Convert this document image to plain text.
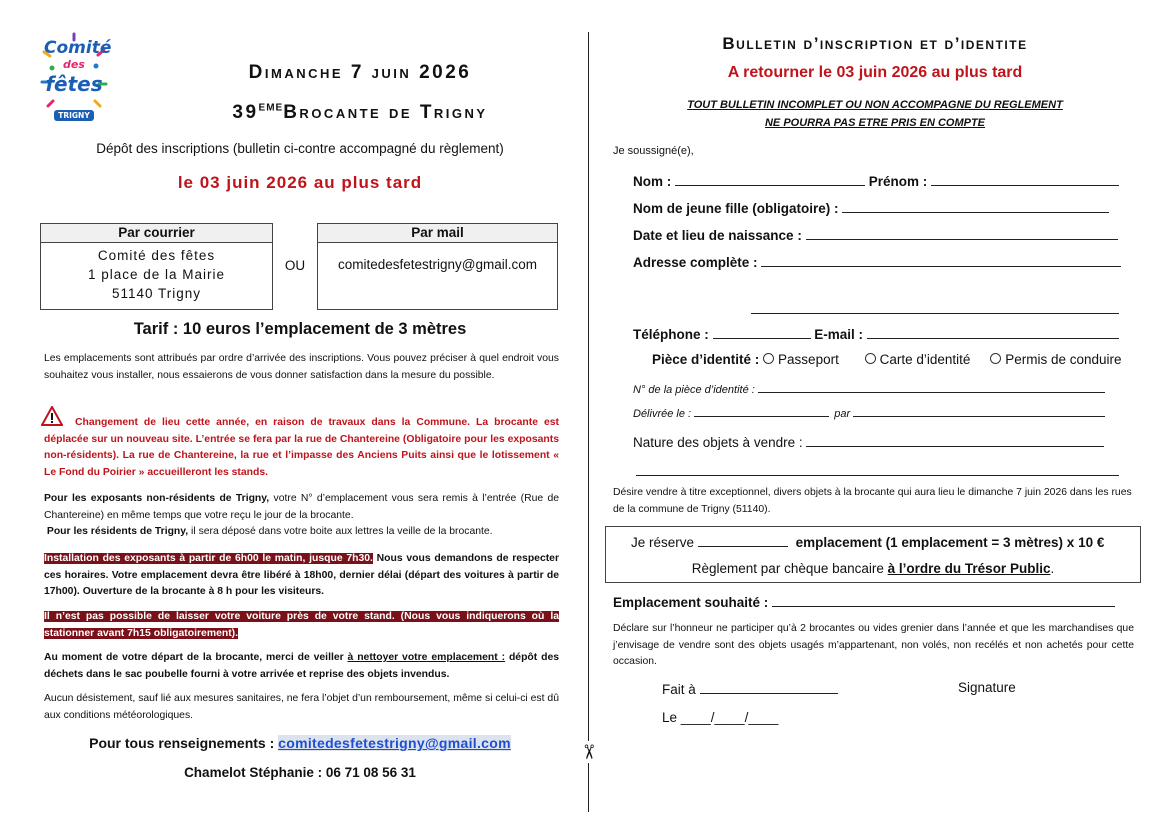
Comité
des
fêtes
TRIGNY
Dimanche 7 juin 2026
39EMEBrocante de Trigny
Dépôt des inscriptions (bulletin ci-contre accompagné du règlement)
le 03 juin 2026 au plus tard
Par courrier
Comité des fêtes
1 place de la Mairie
51140 Trigny
OU
Par mail
comitedesfetestrigny@gmail.com
Tarif : 10 euros l’emplacement de 3 mètres
Les emplacements sont attribués par ordre d’arrivée des inscriptions. Vous pouvez préciser à quel endroit vous souhaitez vous installer, nous essaierons de vous donner satisfaction dans la mesure du possible.
Changement de lieu cette année, en raison de travaux dans la Commune. La brocante est déplacée sur un nouveau site. L’entrée se fera par la rue de Chantereine (Obligatoire pour les exposants non-résidents). La rue de Chantereine, la rue et l’impasse des Anciens Puits ainsi que le lotissement « Le Fond du Poirier » accueilleront les stands.
Pour les exposants non-résidents de Trigny, votre N° d’emplacement vous sera remis à l’entrée (Rue de Chantereine) en même temps que votre reçu le jour de la brocante.
Pour les résidents de Trigny, il sera déposé dans votre boite aux lettres la veille de la brocante.
Installation des exposants à partir de 6h00 le matin, jusque 7h30. Nous vous demandons de respecter ces horaires. Votre emplacement devra être libéré à 18h00, dernier délai (départ des voitures à partir de 17h00). Ouverture de la brocante à 8 h pour les visiteurs.
Il n’est pas possible de laisser votre voiture près de votre stand. (Nous vous indiquerons où la stationner avant 7h15 obligatoirement).
Au moment de votre départ de la brocante, merci de veiller à nettoyer votre emplacement : dépôt des déchets dans le sac poubelle fourni à votre arrivée et reprise des objets invendus.
Aucun désistement, sauf lié aux mesures sanitaires, ne fera l’objet d’un remboursement, même si celui-ci est dû aux conditions météorologiques.
Pour tous renseignements : comitedesfetestrigny@gmail.com
Chamelot Stéphanie : 06 71 08 56 31
✂
Bulletin d’inscription et d’identite
A retourner le 03 juin 2026 au plus tard
TOUT BULLETIN INCOMPLET OU NON ACCOMPAGNE DU REGLEMENT
NE POURRA PAS ETRE PRIS EN COMPTE
Je soussigné(e),
Nom :	Prénom :
Nom de jeune fille (obligatoire) :
Date et lieu de naissance :
Adresse complète :
Téléphone :	E-mail :
Pièce d’identité : Passeport	Carte d’identité	Permis de conduire
N° de la pièce d’identité :
Délivrée le :	par
Nature des objets à vendre :
Désire vendre à titre exceptionnel, divers objets à la brocante qui aura lieu le dimanche 7 juin 2026 dans les rues de la commune de Trigny (51140).
Je réserve	emplacement (1 emplacement = 3 mètres) x 10 €
Règlement par chèque bancaire à l’ordre du Trésor Public.
Emplacement souhaité :
Déclare sur l’honneur ne participer qu’à 2 brocantes ou vides grenier dans l’année et que les marchandises que j’envisage de vendre sont des objets usagés m’appartenant, non volés, non recélés et non achetés pour cette occasion.
Fait à	Signature
Le ____/____/____
